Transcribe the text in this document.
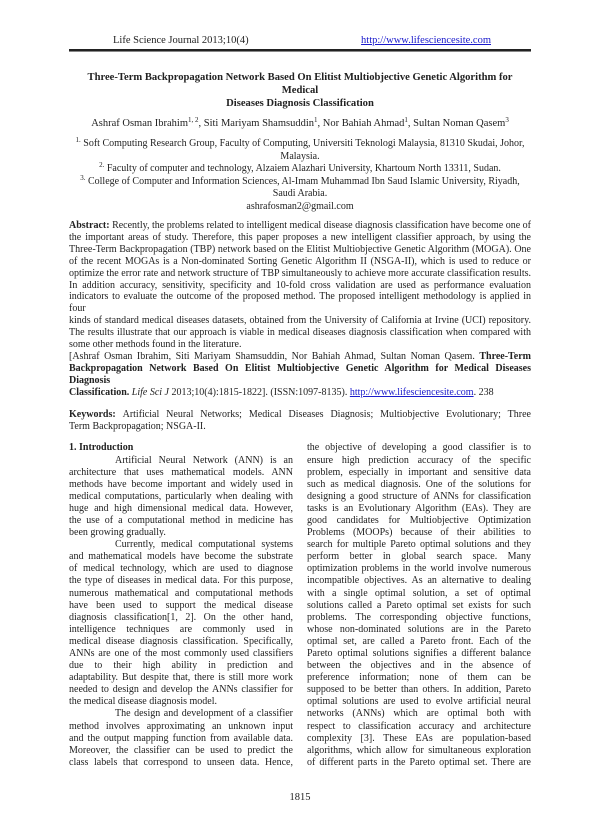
Life Science Journal 2013;10(4)	http://www.lifesciencesite.com
Three-Term Backpropagation Network Based On Elitist Multiobjective Genetic Algorithm for Medical
Diseases Diagnosis Classification
Ashraf Osman Ibrahim$^{1, 2}$, Siti Mariyam Shamsuddin$^1$, Nor Bahiah Ahmad$^1$, Sultan Noman Qasem$^3$
$^{1.}$ Soft Computing Research Group, Faculty of Computing, Universiti Teknologi Malaysia, 81310 Skudai, Johor,
Malaysia.
$^{2.}$ Faculty of computer and technology, Alzaiem Alazhari University, Khartoum North 13311, Sudan.
$^{3.}$ College of Computer and Information Sciences, Al-Imam Muhammad Ibn Saud Islamic University, Riyadh,
Saudi Arabia.
ashrafosman2@gmail.com
Abstract: Recently, the problems related to intelligent medical disease diagnosis classification have become one of
the important areas of study. Therefore, this paper proposes a new intelligent classifier approach, by using the
Three-Term Backpropagation (TBP) network based on the Elitist Multiobjective Genetic Algorithm (MOGA). One
of the recent MOGAs is a Non-dominated Sorting Genetic Algorithm II (NSGA-II), which is used to reduce or
optimize the error rate and network structure of TBP simultaneously to achieve more accurate classification results.
In addition accuracy, sensitivity, specificity and 10-fold cross validation are used as performance evaluation
indicators to evaluate the outcome of the proposed method. The proposed intelligent methodology is applied in four
kinds of standard medical diseases datasets, obtained from the University of California at Irvine (UCI) repository.
The results illustrate that our approach is viable in medical diseases diagnosis classification when compared with
some other methods found in the literature.
[Ashraf Osman Ibrahim, Siti Mariyam Shamsuddin, Nor Bahiah Ahmad, Sultan Noman Qasem. Three-Term
Backpropagation Network Based On Elitist Multiobjective Genetic Algorithm for Medical Diseases Diagnosis
Classification. Life Sci J 2013;10(4):1815-1822]. (ISSN:1097-8135). http://www.lifesciencesite.com. 238
Keywords: Artificial Neural Networks; Medical Diseases Diagnosis; Multiobjective Evolutionary; Three
Term Backpropagation; NSGA-II.
1. Introduction
Artificial Neural Network (ANN) is an
architecture that uses mathematical models. ANN
methods have become important and widely used in
medical computations, particularly when dealing with
huge and high dimensional medical data. However,
the use of a computational method in medicine has
been growing gradually.
Currently, medical computational systems
and mathematical models have become the substrate
of medical technology, which are used to diagnose
the type of diseases in medical data. For this purpose,
numerous mathematical and computational methods
have been used to support the medical disease
diagnosis classification[1, 2]. On the other hand,
intelligence techniques are commonly used in
medical disease diagnosis classification. Specifically,
ANNs are one of the most commonly used classifiers
due to their high ability in prediction and
adaptability. But despite that, there is still more work
needed to design and develop the ANNs classifier for
the medical disease diagnosis model.
The design and development of a classifier
method involves approximating an unknown input
and the output mapping function from available data.
Moreover, the classifier can be used to predict the
class labels that correspond to unseen data. Hence,
the objective of developing a good classifier is to
ensure high prediction accuracy of the specific
problem, especially in important and sensitive data
such as medical diagnosis. One of the solutions for
designing a good structure of ANNs for classification
tasks is an Evolutionary Algorithm (EAs). They are
good candidates for Multiobjective Optimization
Problems (MOOPs) because of their abilities to
search for multiple Pareto optimal solutions and they
perform better in global search space. Many
optimization problems in the world involve numerous
incompatible objectives. As an alternative to dealing
with a single optimal solution, a set of optimal
solutions called a Pareto optimal set exists for such
problems. The corresponding objective functions,
whose non-dominated solutions are in the Pareto
optimal set, are called a Pareto front. Each of the
Pareto optimal solutions signifies a different balance
between the objectives and in the absence of
preference information; none of them can be
supposed to be better than others. In addition, Pareto
optimal solutions are used to evolve artificial neural
networks (ANNs) which are optimal both with
respect to classification accuracy and architecture
complexity [3]. These EAs are population-based
algorithms, which allow for simultaneous exploration
of different parts in the Pareto optimal set. There are
1815
